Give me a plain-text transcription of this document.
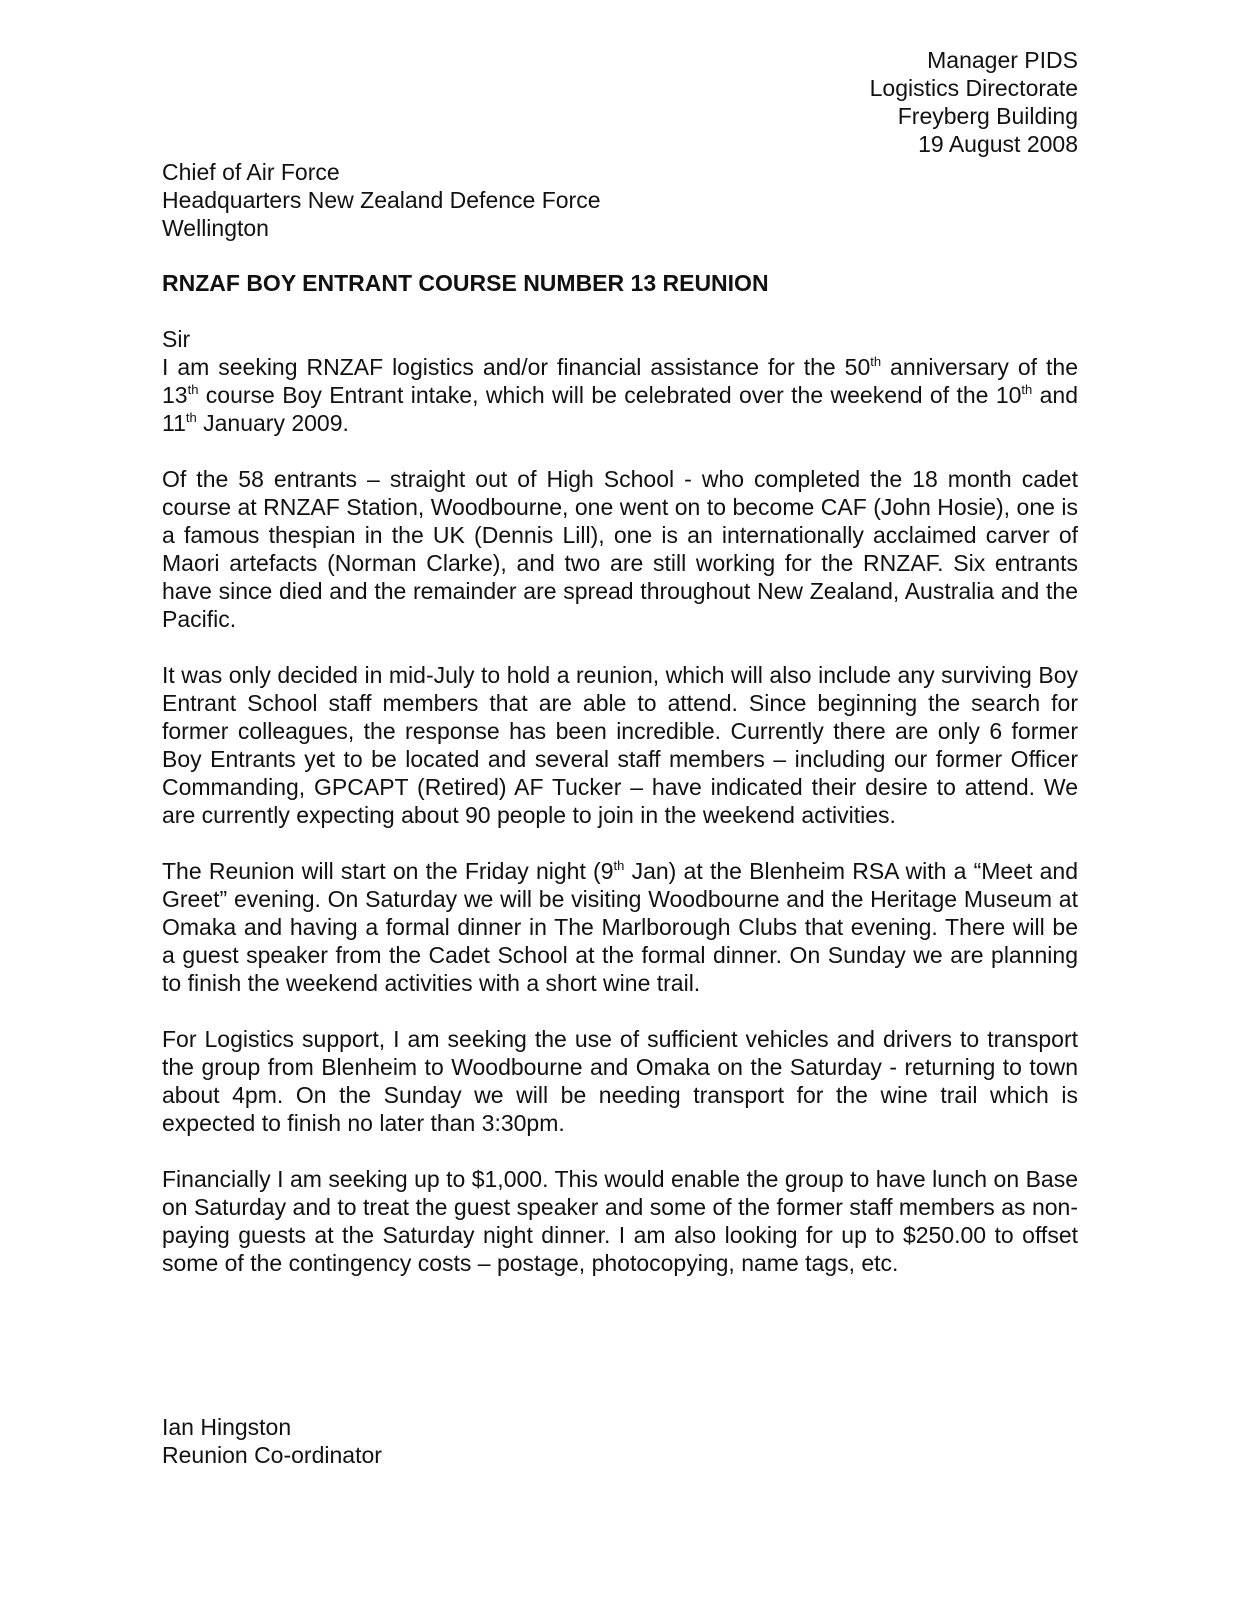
Manager PIDS
Logistics Directorate
Freyberg Building
19 August 2008
Chief of Air Force
Headquarters New Zealand Defence Force
Wellington
RNZAF BOY ENTRANT COURSE NUMBER 13 REUNION
Sir

I am seeking RNZAF logistics and/or financial assistance for the 50th anniversary of the 13th course Boy Entrant intake, which will be celebrated over the weekend of the 10th and 11th January 2009.

Of the 58 entrants – straight out of High School - who completed the 18 month cadet course at RNZAF Station, Woodbourne, one went on to become CAF (John Hosie), one is a famous thespian in the UK (Dennis Lill), one is an internationally acclaimed carver of Maori artefacts (Norman Clarke), and two are still working for the RNZAF. Six entrants have since died and the remainder are spread throughout New Zealand, Australia and the Pacific.

It was only decided in mid-July to hold a reunion, which will also include any surviving Boy Entrant School staff members that are able to attend. Since beginning the search for former colleagues, the response has been incredible. Currently there are only 6 former Boy Entrants yet to be located and several staff members – including our former Officer Commanding, GPCAPT (Retired) AF Tucker – have indicated their desire to attend. We are currently expecting about 90 people to join in the weekend activities.

The Reunion will start on the Friday night (9th Jan) at the Blenheim RSA with a “Meet and Greet” evening. On Saturday we will be visiting Woodbourne and the Heritage Museum at Omaka and having a formal dinner in The Marlborough Clubs that evening. There will be a guest speaker from the Cadet School at the formal dinner. On Sunday we are planning to finish the weekend activities with a short wine trail.

For Logistics support, I am seeking the use of sufficient vehicles and drivers to transport the group from Blenheim to Woodbourne and Omaka on the Saturday - returning to town about 4pm. On the Sunday we will be needing transport for the wine trail which is expected to finish no later than 3:30pm.

Financially I am seeking up to $1,000. This would enable the group to have lunch on Base on Saturday and to treat the guest speaker and some of the former staff members as non-paying guests at the Saturday night dinner. I am also looking for up to $250.00 to offset some of the contingency costs – postage, photocopying, name tags, etc.

Ian Hingston
Reunion Co-ordinator
